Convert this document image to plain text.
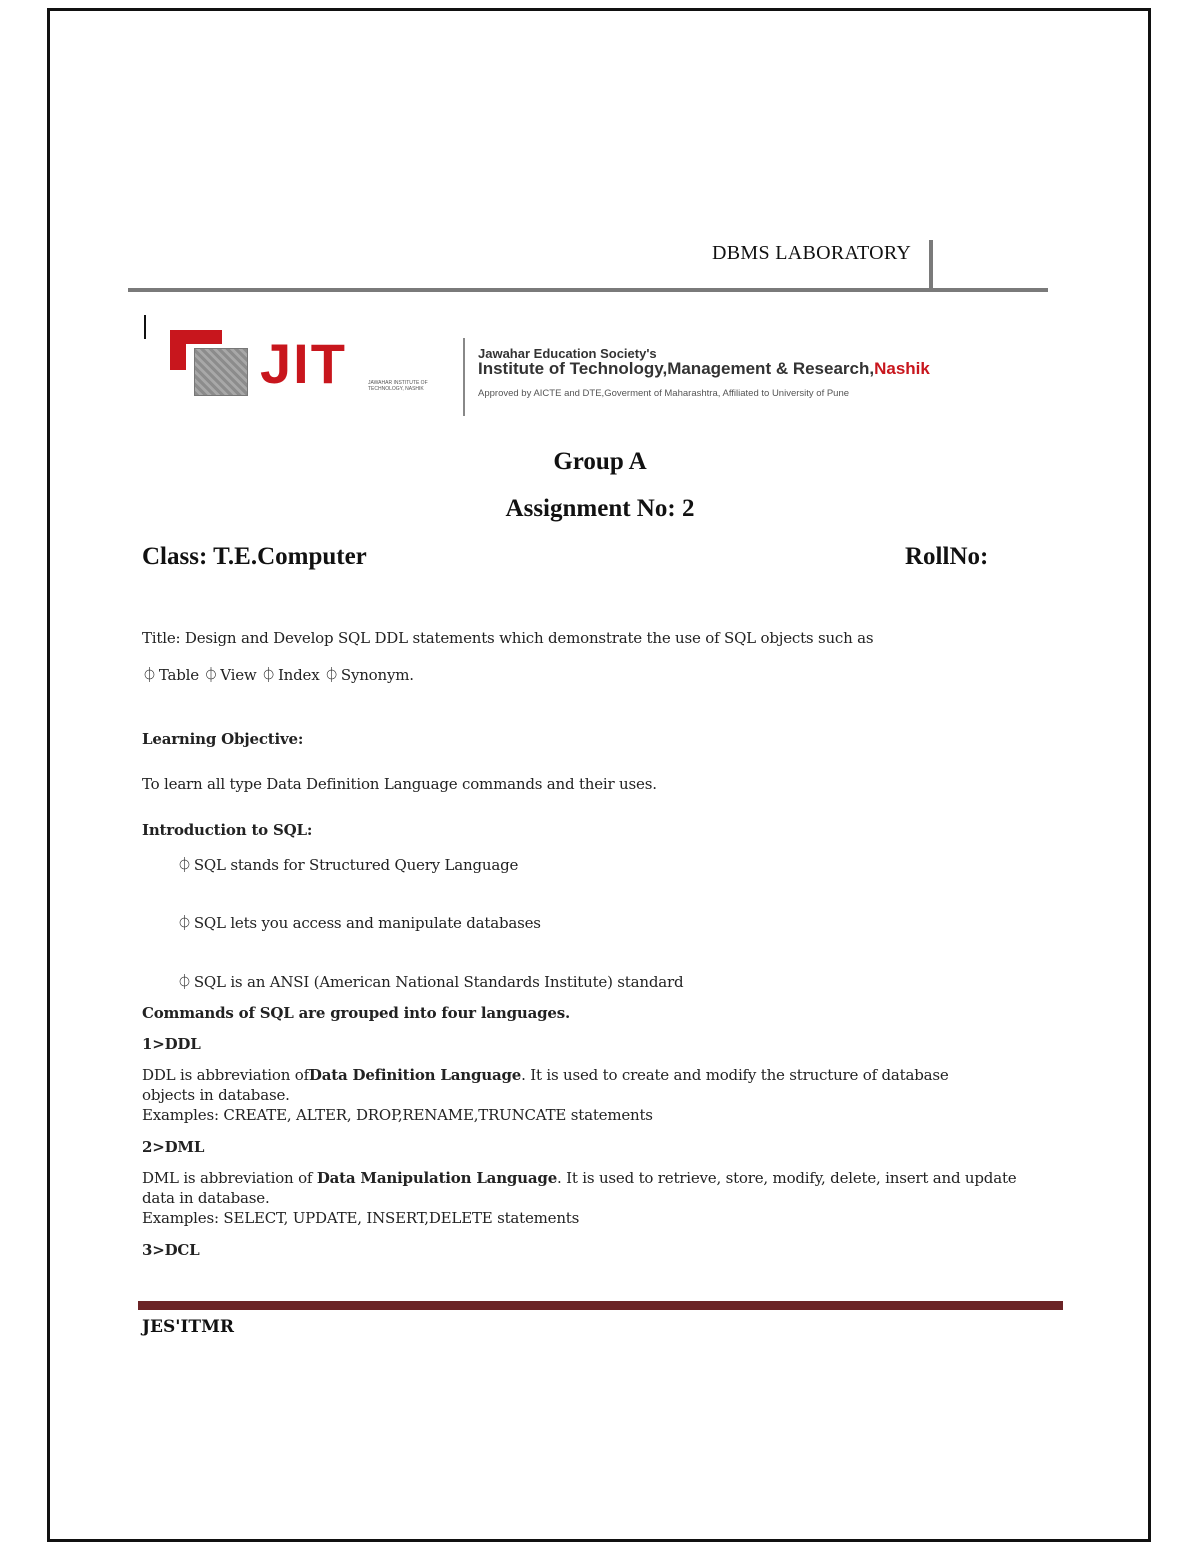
DBMS LABORATORY
JIT	JAWAHAR INSTITUTE OF TECHNOLOGY, NASHIK
Jawahar Education Society's
Institute of Technology,Management & Research,Nashik
Approved by AICTE and DTE,Goverment of Maharashtra, Affiliated to University of Pune
Group A
Assignment No: 2
Class: T.E.Computer	RollNo:
Title: Design and Develop SQL DDL statements which demonstrate the use of SQL objects such as
⏀ Table ⏀ View ⏀ Index ⏀ Synonym.
Learning Objective:
To learn all type Data Definition Language commands and their uses.
Introduction to SQL:
⏀ SQL stands for Structured Query Language
⏀ SQL lets you access and manipulate databases
⏀ SQL is an ANSI (American National Standards Institute) standard
Commands of SQL are grouped into four languages.
1>DDL
DDL is abbreviation ofData Definition Language. It is used to create and modify the structure of database
objects in database.
Examples: CREATE, ALTER, DROP,RENAME,TRUNCATE statements
2>DML
DML is abbreviation of Data Manipulation Language. It is used to retrieve, store, modify, delete, insert and update
data in database.
Examples: SELECT, UPDATE, INSERT,DELETE statements
3>DCL
JES'ITMR
